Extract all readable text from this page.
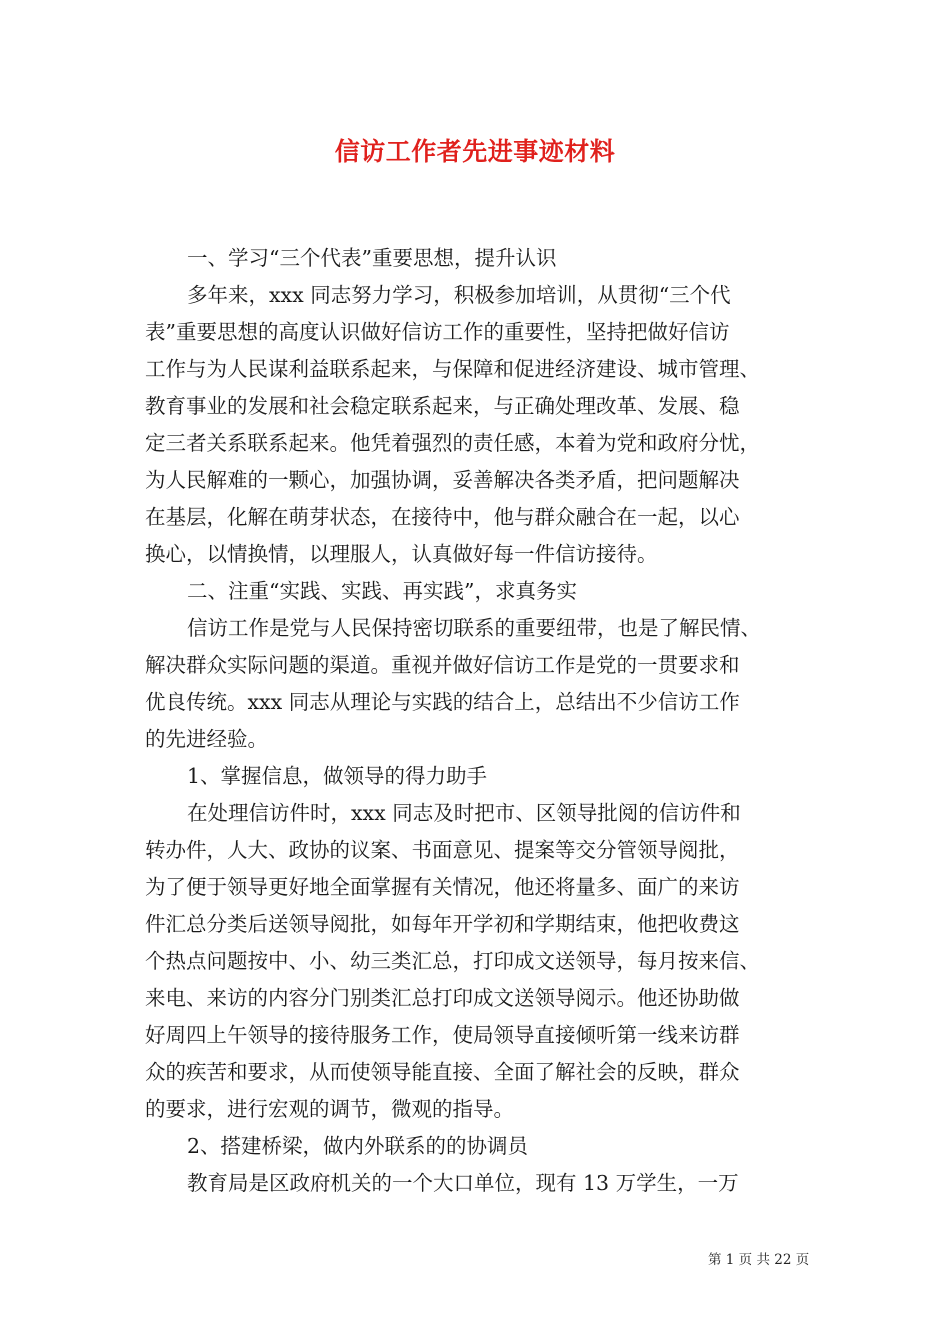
信访工作者先进事迹材料
一、学习“三个代表”重要思想，提升认识
多年来，xxx 同志努力学习，积极参加培训，从贯彻“三个代
表”重要思想的高度认识做好信访工作的重要性，坚持把做好信访
工作与为人民谋利益联系起来，与保障和促进经济建设、城市管理、
教育事业的发展和社会稳定联系起来，与正确处理改革、发展、稳
定三者关系联系起来。他凭着强烈的责任感，本着为党和政府分忧，
为人民解难的一颗心，加强协调，妥善解决各类矛盾，把问题解决
在基层，化解在萌芽状态，在接待中，他与群众融合在一起，以心
换心，以情换情，以理服人，认真做好每一件信访接待。
二、注重“实践、实践、再实践”，求真务实
信访工作是党与人民保持密切联系的重要纽带，也是了解民情、
解决群众实际问题的渠道。重视并做好信访工作是党的一贯要求和
优良传统。xxx 同志从理论与实践的结合上，总结出不少信访工作
的先进经验。
1、掌握信息，做领导的得力助手
在处理信访件时，xxx 同志及时把市、区领导批阅的信访件和
转办件，人大、政协的议案、书面意见、提案等交分管领导阅批，
为了便于领导更好地全面掌握有关情况，他还将量多、面广的来访
件汇总分类后送领导阅批，如每年开学初和学期结束，他把收费这
个热点问题按中、小、幼三类汇总，打印成文送领导，每月按来信、
来电、来访的内容分门别类汇总打印成文送领导阅示。他还协助做
好周四上午领导的接待服务工作，使局领导直接倾听第一线来访群
众的疾苦和要求，从而使领导能直接、全面了解社会的反映，群众
的要求，进行宏观的调节，微观的指导。
2、搭建桥梁，做内外联系的的协调员
教育局是区政府机关的一个大口单位，现有 13 万学生，一万
第 1 页 共 22 页
